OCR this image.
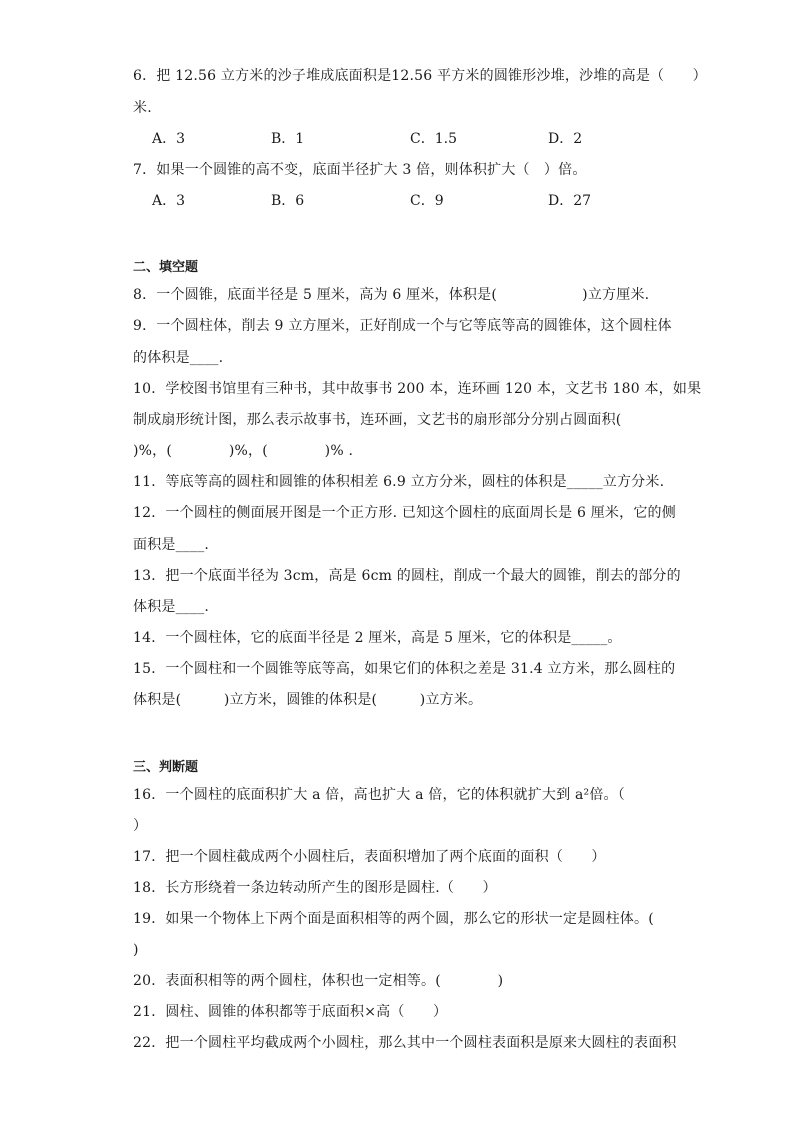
6．把 12.56 立方米的沙子堆成底面积是12.56 平方米的圆锥形沙堆，沙堆的高是（　　）
米.
A．3	B．1	C．1.5	D．2
7．如果一个圆锥的高不变，底面半径扩大 3 倍，则体积扩大（　）倍。
A．3	B．6	C．9	D．27
二、填空题
8．一个圆锥，底面半径是 5 厘米，高为 6 厘米，体积是(　　　　　　)立方厘米.
9．一个圆柱体，削去 9 立方厘米，正好削成一个与它等底等高的圆锥体，这个圆柱体
的体积是____.
10．学校图书馆里有三种书，其中故事书 200 本，连环画 120 本，文艺书 180 本，如果
制成扇形统计图，那么表示故事书，连环画，文艺书的扇形部分分别占圆面积(
)%，(　　　　)%，(　　　　)% .
11．等底等高的圆柱和圆锥的体积相差 6.9 立方分米，圆柱的体积是_____立方分米.
12．一个圆柱的侧面展开图是一个正方形. 已知这个圆柱的底面周长是 6 厘米，它的侧
面积是____.
13．把一个底面半径为 3cm，高是 6cm 的圆柱，削成一个最大的圆锥，削去的部分的
体积是____.
14．一个圆柱体，它的底面半径是 2 厘米，高是 5 厘米，它的体积是_____。
15．一个圆柱和一个圆锥等底等高，如果它们的体积之差是 31.4 立方米，那么圆柱的
体积是(　　　)立方米，圆锥的体积是(　　　)立方米。
三、判断题
16．一个圆柱的底面积扩大 a 倍，高也扩大 a 倍，它的体积就扩大到 a²倍。（
）
17．把一个圆柱截成两个小圆柱后，表面积增加了两个底面的面积（　　）
18．长方形绕着一条边转动所产生的图形是圆柱.（　　）
19．如果一个物体上下两个面是面积相等的两个圆，那么它的形状一定是圆柱体。(
)
20．表面积相等的两个圆柱，体积也一定相等。(　　　　)
21．圆柱、圆锥的体积都等于底面积×高（　　）
22．把一个圆柱平均截成两个小圆柱，那么其中一个圆柱表面积是原来大圆柱的表面积
